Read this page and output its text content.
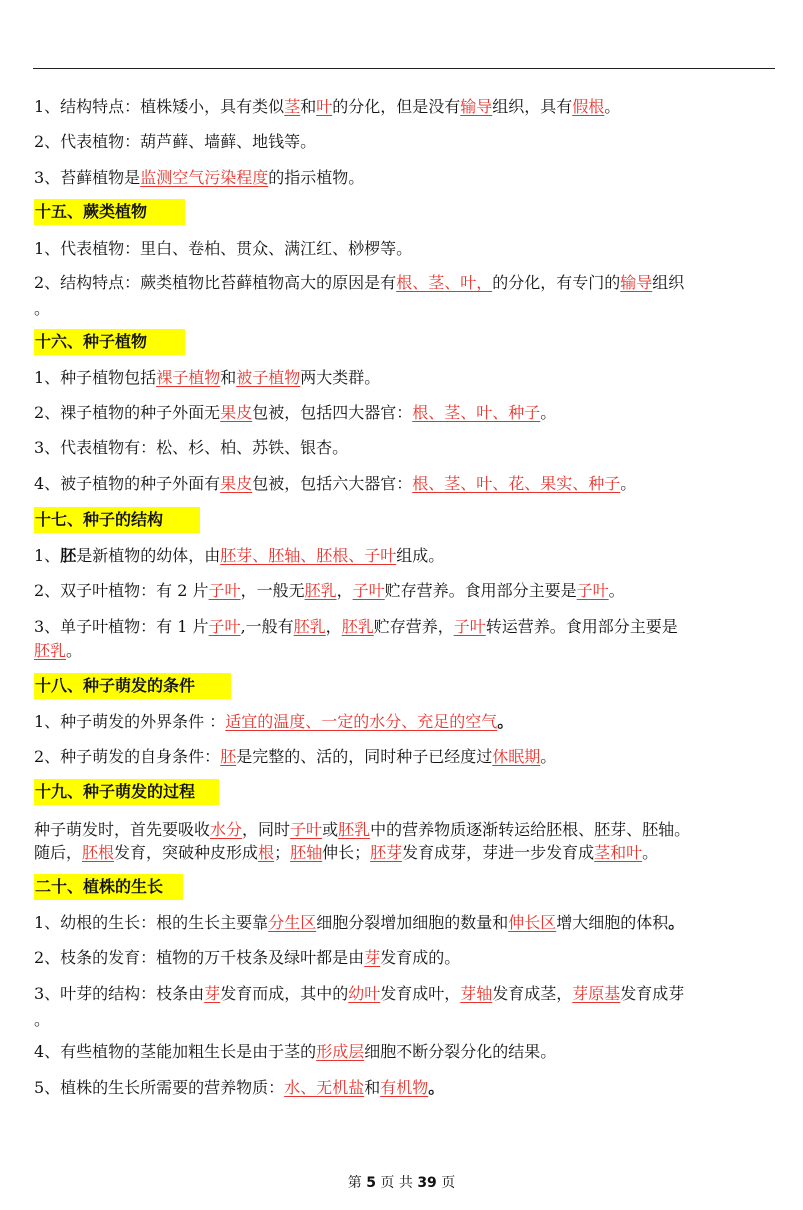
1、结构特点：植株矮小，具有类似茎和叶的分化，但是没有输导组织，具有假根。
2、代表植物：葫芦藓、墙藓、地钱等。
3、苔藓植物是监测空气污染程度的指示植物。
十五、蕨类植物
1、代表植物：里白、卷柏、贯众、满江红、桫椤等。
2、结构特点：蕨类植物比苔藓植物高大的原因是有根、茎、叶，的分化，有专门的输导组织
。
十六、种子植物
1、种子植物包括裸子植物和被子植物两大类群。
2、裸子植物的种子外面无果皮包被，包括四大器官：根、茎、叶、种子。
3、代表植物有：松、杉、柏、苏铁、银杏。
4、被子植物的种子外面有果皮包被，包括六大器官：根、茎、叶、花、果实、种子。
十七、种子的结构
1、胚是新植物的幼体，由胚芽、胚轴、胚根、子叶组成。
2、双子叶植物：有 2 片子叶，一般无胚乳，子叶贮存营养。食用部分主要是子叶。
3、单子叶植物：有 1 片子叶,一般有胚乳，胚乳贮存营养，子叶转运营养。食用部分主要是
胚乳。
十八、种子萌发的条件
1、种子萌发的外界条件 ：适宜的温度、一定的水分、充足的空气。
2、种子萌发的自身条件：胚是完整的、活的，同时种子已经度过休眠期。
十九、种子萌发的过程
种子萌发时，首先要吸收水分，同时子叶或胚乳中的营养物质逐渐转运给胚根、胚芽、胚轴。
随后，胚根发育，突破种皮形成根；胚轴伸长；胚芽发育成芽，芽进一步发育成茎和叶。
二十、植株的生长
1、幼根的生长：根的生长主要靠分生区细胞分裂增加细胞的数量和伸长区增大细胞的体积。
2、枝条的发育：植物的万千枝条及绿叶都是由芽发育成的。
3、叶芽的结构：枝条由芽发育而成，其中的幼叶发育成叶，芽轴发育成茎，芽原基发育成芽
。
4、有些植物的茎能加粗生长是由于茎的形成层细胞不断分裂分化的结果。
5、植株的生长所需要的营养物质：水、无机盐和有机物。
第 5 页 共 39 页
